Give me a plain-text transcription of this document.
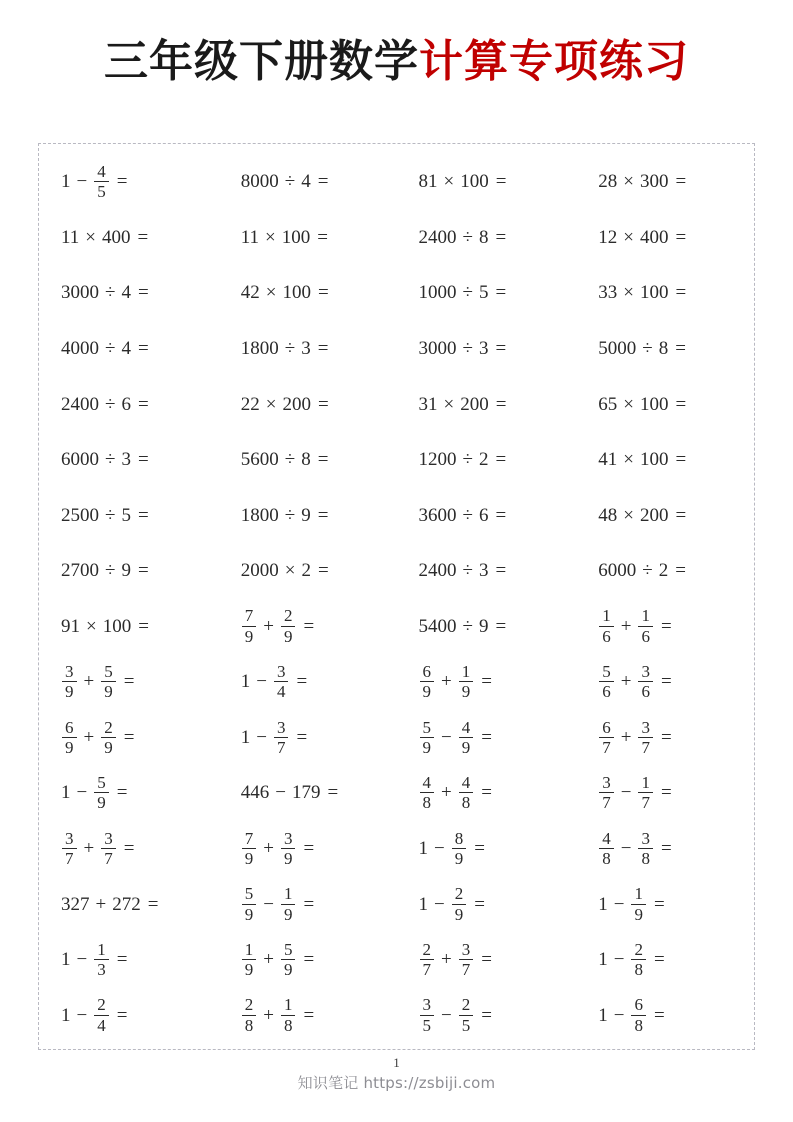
三年级下册数学计算专项练习
$1 - \frac{4}{5}$ =	8000 ÷ 4 =	81 × 100 =	28 × 300 =
11 × 400 =	11 × 100 =	2400 ÷ 8 =	12 × 400 =
3000 ÷ 4 =	42 × 100 =	1000 ÷ 5 =	33 × 100 =
4000 ÷ 4 =	1800 ÷ 3 =	3000 ÷ 3 =	5000 ÷ 8 =
2400 ÷ 6 =	22 × 200 =	31 × 200 =	65 × 100 =
6000 ÷ 3 =	5600 ÷ 8 =	1200 ÷ 2 =	41 × 100 =
2500 ÷ 5 =	1800 ÷ 9 =	3600 ÷ 6 =	48 × 200 =
2700 ÷ 9 =	2000 × 2 =	2400 ÷ 3 =	6000 ÷ 2 =
91 × 100 =	$\frac{7}{9} + \frac{2}{9}$ =	5400 ÷ 9 =	$\frac{1}{6} + \frac{1}{6}$ =
$\frac{3}{9} + \frac{5}{9}$ =	$1 - \frac{3}{4}$ =	$\frac{6}{9} + \frac{1}{9}$ =	$\frac{5}{6} + \frac{3}{6}$ =
$\frac{6}{9} + \frac{2}{9}$ =	$1 - \frac{3}{7}$ =	$\frac{5}{9} - \frac{4}{9}$ =	$\frac{6}{7} + \frac{3}{7}$ =
$1 - \frac{5}{9}$ =	446 − 179 =	$\frac{4}{8} + \frac{4}{8}$ =	$\frac{3}{7} - \frac{1}{7}$ =
$\frac{3}{7} + \frac{3}{7}$ =	$\frac{7}{9} + \frac{3}{9}$ =	$1 - \frac{8}{9}$ =	$\frac{4}{8} - \frac{3}{8}$ =
327 + 272 =	$\frac{5}{9} - \frac{1}{9}$ =	$1 - \frac{2}{9}$ =	$1 - \frac{1}{9}$ =
$1 - \frac{1}{3}$ =	$\frac{1}{9} + \frac{5}{9}$ =	$\frac{2}{7} + \frac{3}{7}$ =	$1 - \frac{2}{8}$ =
$1 - \frac{2}{4}$ =	$\frac{2}{8} + \frac{1}{8}$ =	$\frac{3}{5} - \frac{2}{5}$ =	$1 - \frac{6}{8}$ =
1
知识笔记 https://zsbiji.com
